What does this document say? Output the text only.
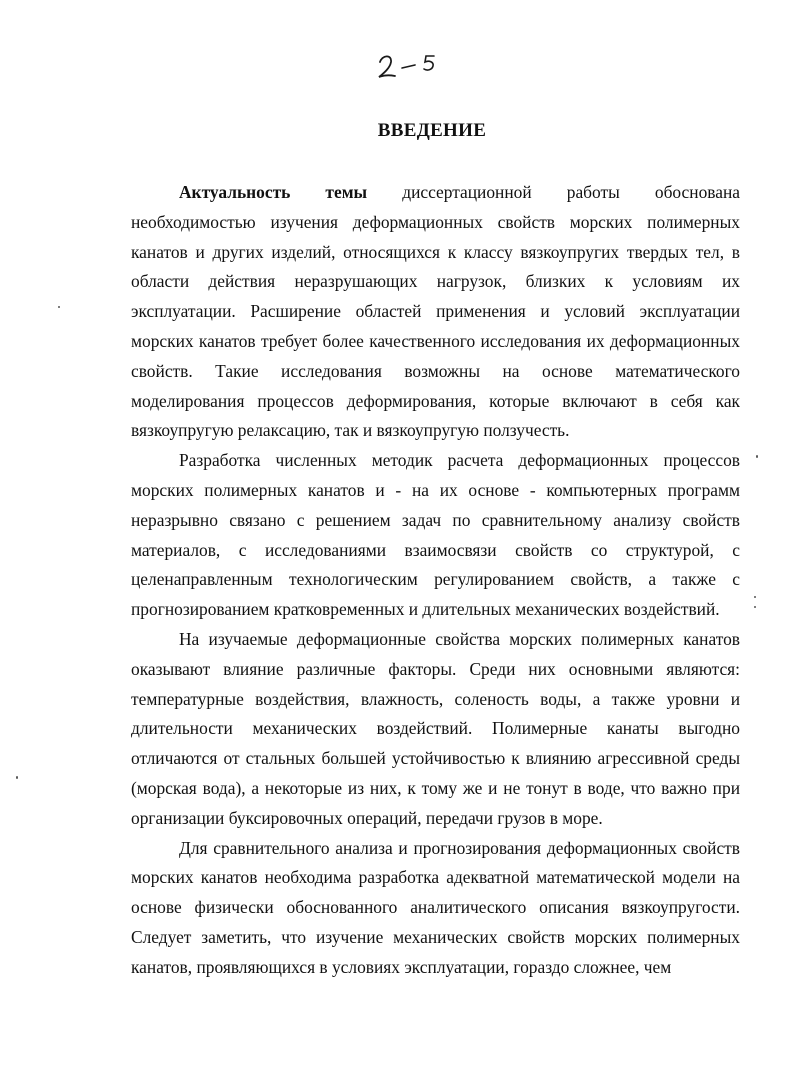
ВВЕДЕНИЕ

Актуальность темы диссертационной работы обоснована необходимостью изучения деформационных свойств морских полимерных канатов и других изделий, относящихся к классу вязкоупругих твердых тел, в области действия неразрушающих нагрузок, близких к условиям их эксплуатации. Расширение областей применения и условий эксплуатации морских канатов требует более качественного исследования их деформационных свойств. Такие исследования возможны на основе математического моделирования процессов деформирования, которые включают в себя как вязкоупругую релаксацию, так и вязкоупругую ползучесть.

Разработка численных методик расчета деформационных процессов морских полимерных канатов и - на их основе - компьютерных программ неразрывно связано с решением задач по сравнительному анализу свойств материалов, с исследованиями взаимосвязи свойств со структурой, с целенаправленным технологическим регулированием свойств, а также с прогнозированием кратковременных и длительных механических воздействий.

На изучаемые деформационные свойства морских полимерных канатов оказывают влияние различные факторы. Среди них основными являются: температурные воздействия, влажность, соленость воды, а также уровни и длительности механических воздействий. Полимерные канаты выгодно отличаются от стальных большей устойчивостью к влиянию агрессивной среды (морская вода), а некоторые из них, к тому же и не тонут в воде, что важно при организации буксировочных операций, передачи грузов в море.

Для сравнительного анализа и прогнозирования деформационных свойств морских канатов необходима разработка адекватной математической модели на основе физически обоснованного аналитического описания вязкоупругости. Следует заметить, что изучение механических свойств морских полимерных канатов, проявляющихся в условиях эксплуатации, гораздо сложнее, чем
